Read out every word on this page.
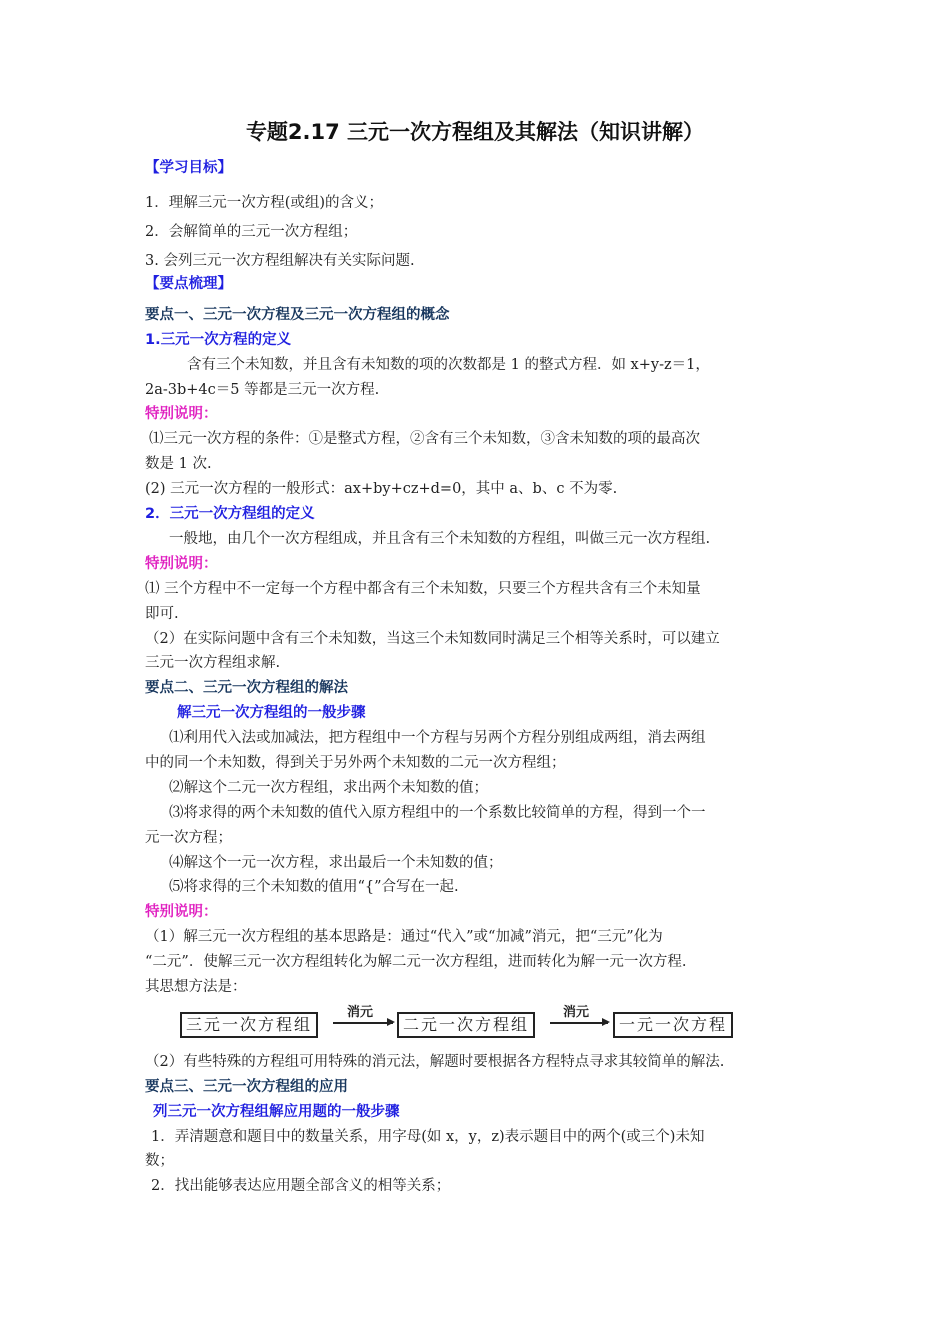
专题2.17 三元一次方程组及其解法（知识讲解）
【学习目标】
1．理解三元一次方程(或组)的含义；
2．会解简单的三元一次方程组；
3. 会列三元一次方程组解决有关实际问题.
【要点梳理】
要点一、三元一次方程及三元一次方程组的概念
1.三元一次方程的定义
含有三个未知数，并且含有未知数的项的次数都是 1 的整式方程．如 x+y-z＝1，
2a-3b+4c＝5 等都是三元一次方程.
特别说明：
⑴三元一次方程的条件：①是整式方程，②含有三个未知数，③含未知数的项的最高次
数是 1 次.
(2) 三元一次方程的一般形式：ax+by+cz+d=0，其中 a、b、c 不为零.
2．三元一次方程组的定义
一般地，由几个一次方程组成，并且含有三个未知数的方程组，叫做三元一次方程组.
特别说明：
⑴ 三个方程中不一定每一个方程中都含有三个未知数，只要三个方程共含有三个未知量
即可.
（2）在实际问题中含有三个未知数，当这三个未知数同时满足三个相等关系时，可以建立
三元一次方程组求解.
要点二、三元一次方程组的解法
解三元一次方程组的一般步骤
⑴利用代入法或加减法，把方程组中一个方程与另两个方程分别组成两组，消去两组
中的同一个未知数，得到关于另外两个未知数的二元一次方程组；
⑵解这个二元一次方程组，求出两个未知数的值；
⑶将求得的两个未知数的值代入原方程组中的一个系数比较简单的方程，得到一个一
元一次方程；
⑷解这个一元一次方程，求出最后一个未知数的值；
⑸将求得的三个未知数的值用“{”合写在一起.
特别说明：
（1）解三元一次方程组的基本思路是：通过“代入”或“加减”消元，把“三元”化为
“二元”．使解三元一次方程组转化为解二元一次方程组，进而转化为解一元一次方程.
其思想方法是：
（2）有些特殊的方程组可用特殊的消元法，解题时要根据各方程特点寻求其较简单的解法.
要点三、三元一次方程组的应用
列三元一次方程组解应用题的一般步骤
1．弄清题意和题目中的数量关系，用字母(如 x，y，z)表示题目中的两个(或三个)未知
数；
2．找出能够表达应用题全部含义的相等关系；
三元一次方程组
消元
二元一次方程组
消元
一元一次方程
